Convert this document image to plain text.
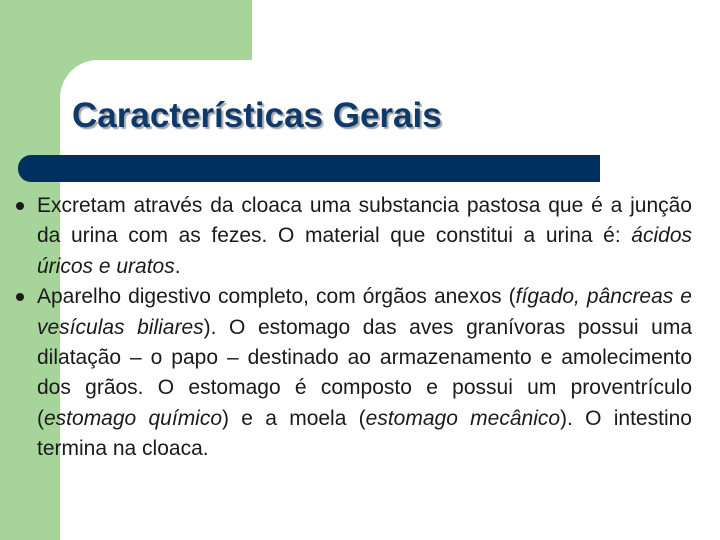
Características Gerais

Excretam através da cloaca uma substancia pastosa que é a junção da urina com as fezes. O material que constitui a urina é: ácidos úricos e uratos.

Aparelho digestivo completo, com órgãos anexos (fígado, pâncreas e vesículas biliares). O estomago das aves granívoras possui uma dilatação – o papo – destinado ao armazenamento e amolecimento dos grãos. O estomago é composto e possui um proventrículo (estomago químico) e a moela (estomago mecânico). O intestino termina na cloaca.
